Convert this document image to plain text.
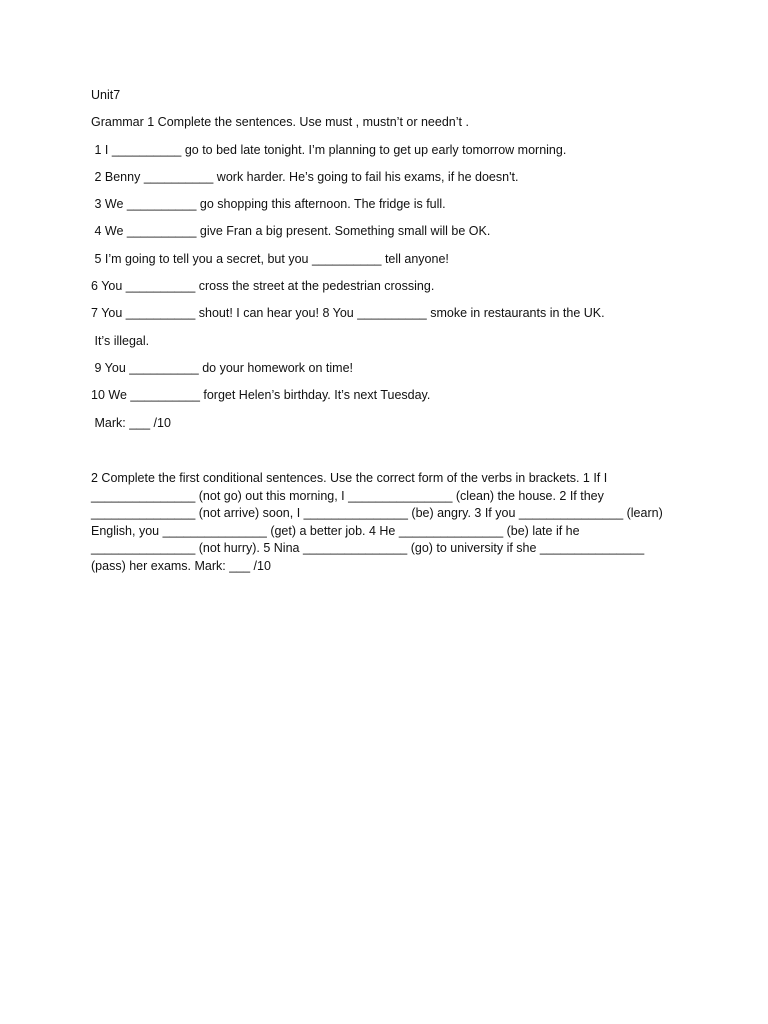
Unit7
Grammar 1 Complete the sentences. Use must , mustn’t or needn’t .
1 I __________ go to bed late tonight. I’m planning to get up early tomorrow morning.
2 Benny __________ work harder. He’s going to fail his exams, if he doesn't.
3 We __________ go shopping this afternoon. The fridge is full.
4 We __________ give Fran a big present. Something small will be OK.
5 I’m going to tell you a secret, but you __________ tell anyone!
6 You __________ cross the street at the pedestrian crossing.
7 You __________ shout! I can hear you! 8 You __________ smoke in restaurants in the UK.
It’s illegal.
9 You __________ do your homework on time!
10 We __________ forget Helen’s birthday. It’s next Tuesday.
Mark: ___ /10
2 Complete the first conditional sentences. Use the correct form of the verbs in brackets. 1 If I _______________ (not go) out this morning, I _______________ (clean) the house. 2 If they _______________ (not arrive) soon, I _______________ (be) angry. 3 If you _______________ (learn) English, you _______________ (get) a better job. 4 He _______________ (be) late if he _______________ (not hurry). 5 Nina _______________ (go) to university if she _______________ (pass) her exams. Mark: ___ /10
